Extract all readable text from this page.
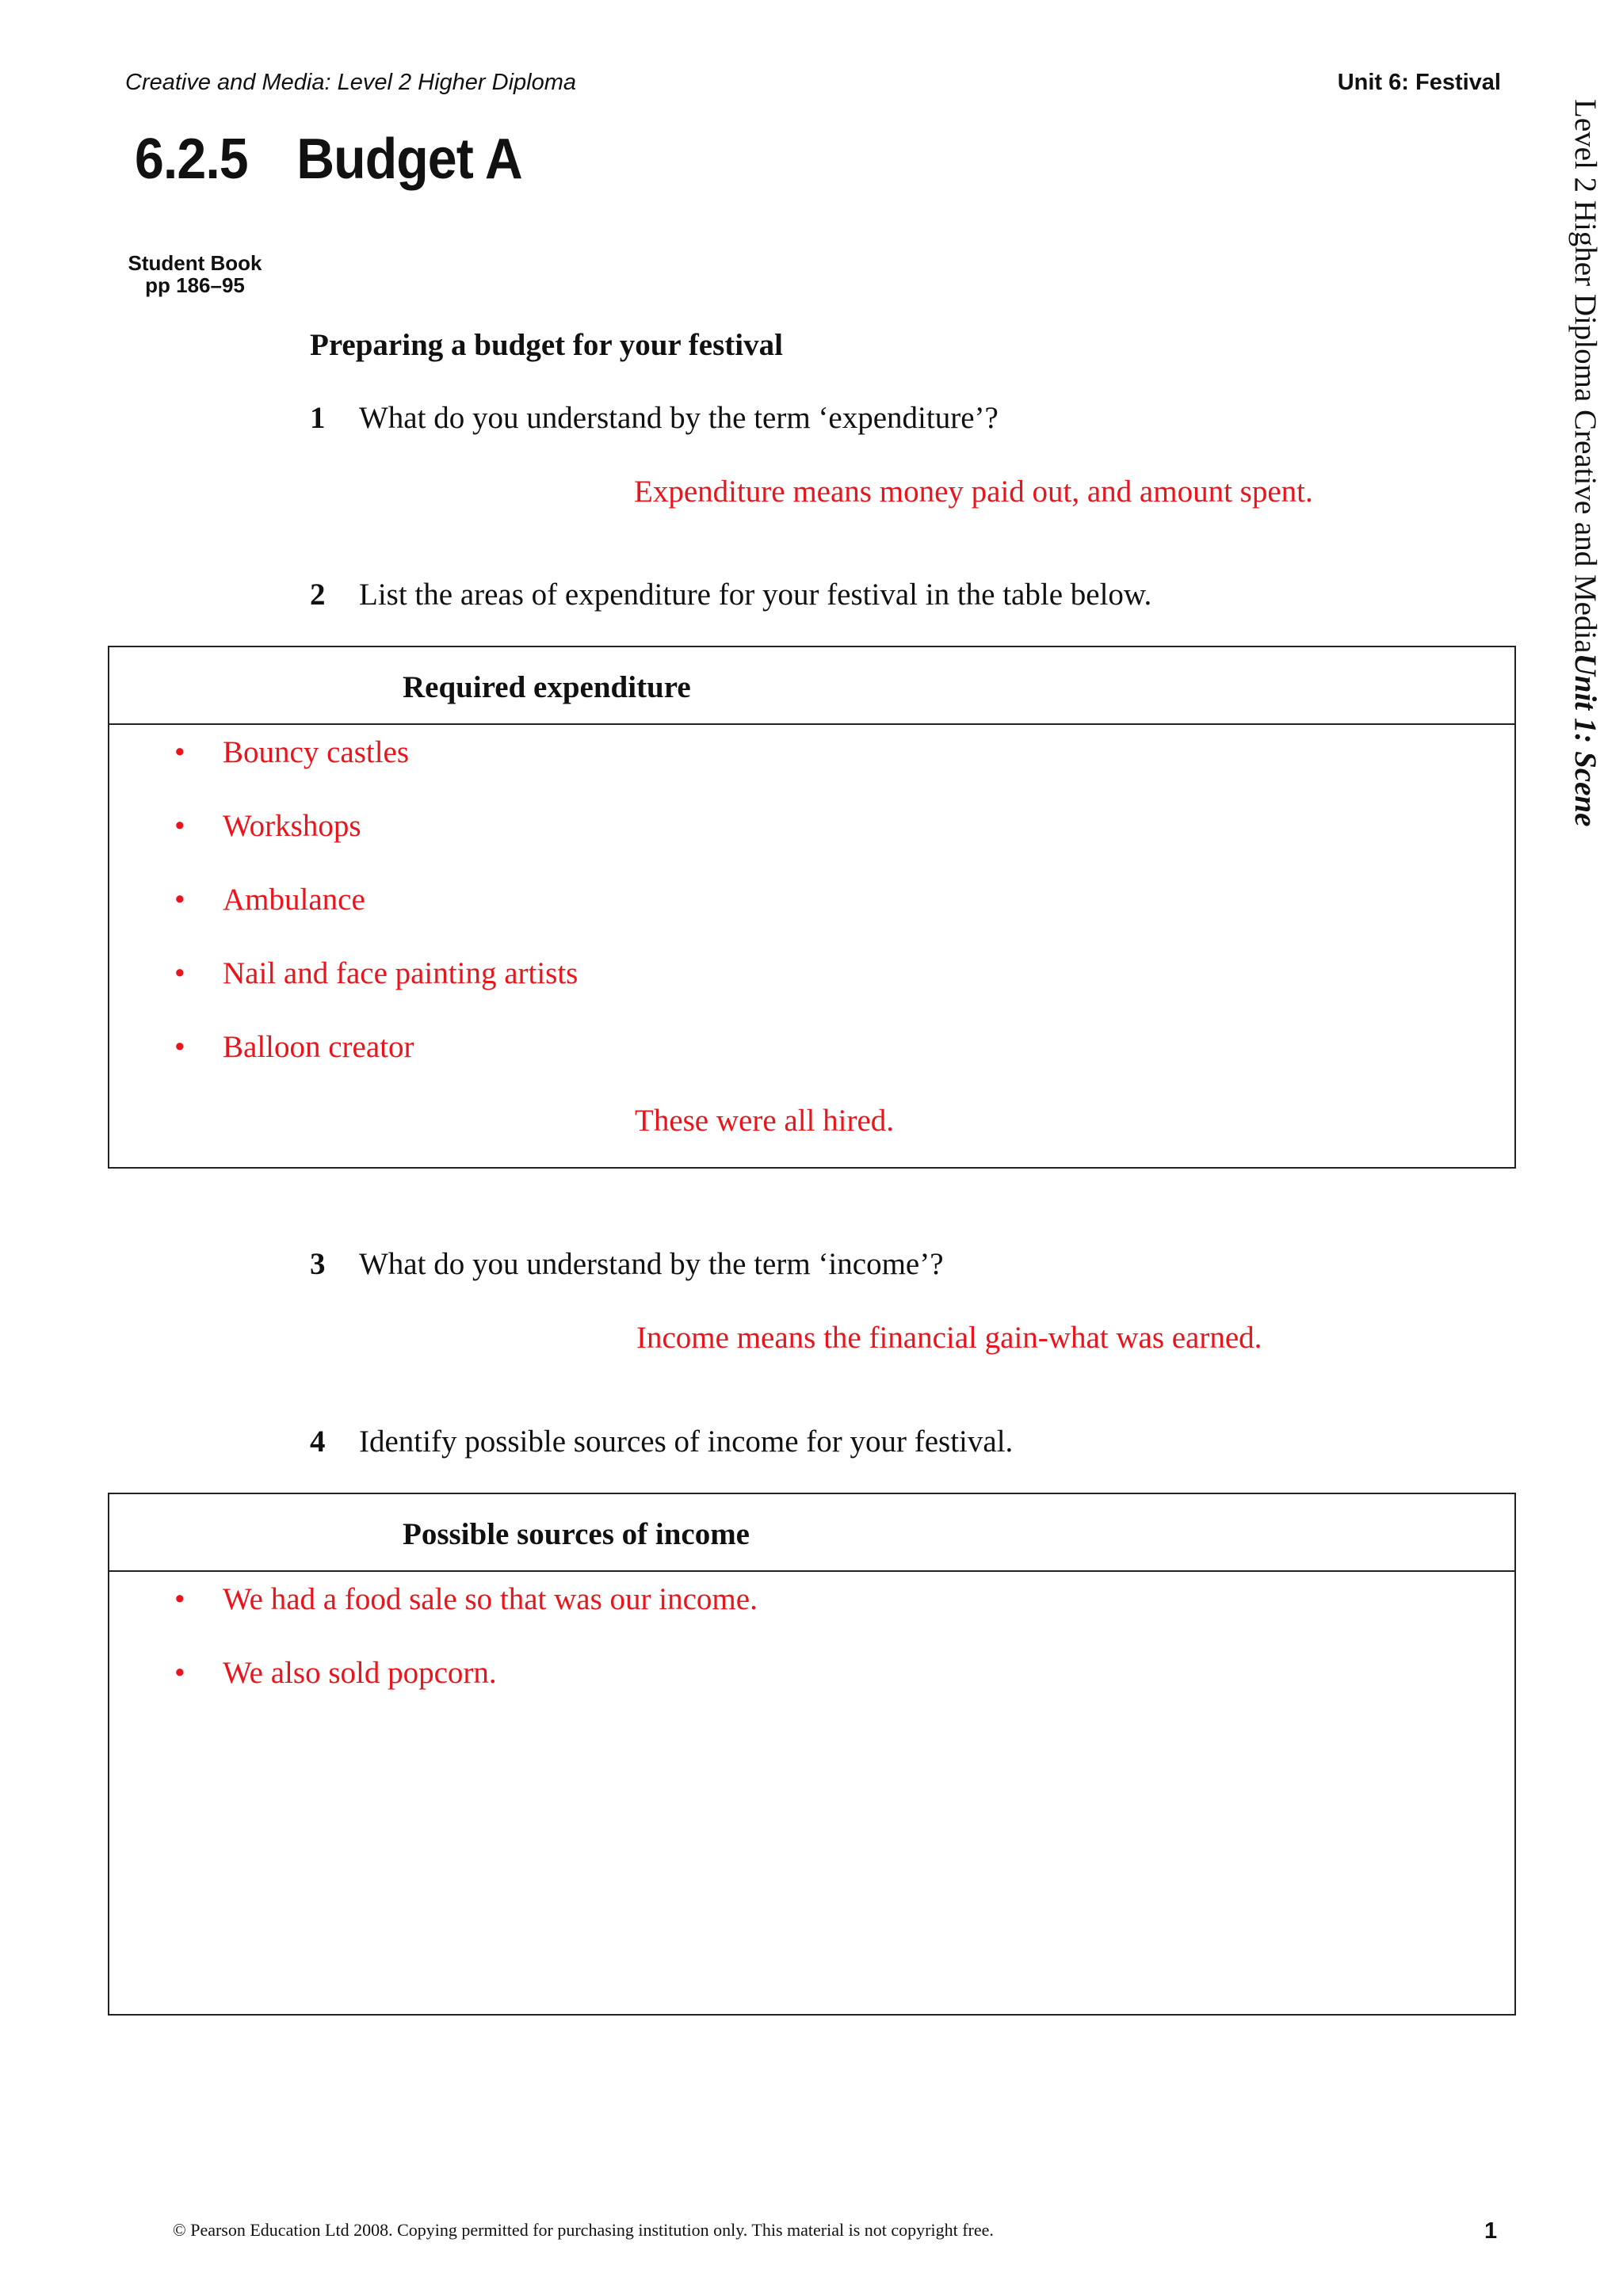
Creative and Media: Level 2 Higher Diploma	Unit 6: Festival
6.2.5 Budget A
Student Book
pp 186–95	Level 2 Higher Diploma Creative and MediaUnit 1: Scene
Preparing a budget for your festival
1 What do you understand by the term ‘expenditure’?
Expenditure means money paid out, and amount spent.
2 List the areas of expenditure for your festival in the table below.
Required expenditure
• Bouncy castles
• Workshops
• Ambulance
• Nail and face painting artists
• Balloon creator
These were all hired.
3 What do you understand by the term ‘income’?
Income means the financial gain-what was earned.
4 Identify possible sources of income for your festival.
Possible sources of income
• We had a food sale so that was our income.
• We also sold popcorn.
© Pearson Education Ltd 2008. Copying permitted for purchasing institution only. This material is not copyright free.	1
